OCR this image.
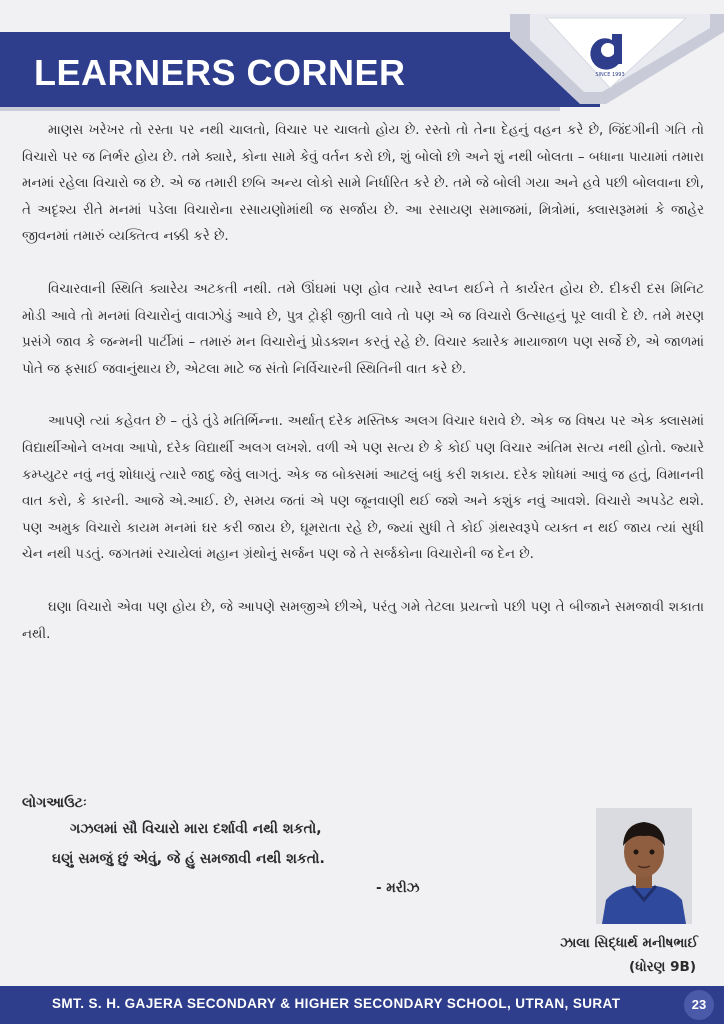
LEARNERS CORNER	SINCE 1993

માણસ ખરેખર તો રસ્તા પર નથી ચાલતો, વિચાર પર ચાલતો હોય છે. રસ્તો તો તેના દેહનું વહન કરે છે, જિંદગીની ગતિ તો વિચારો પર જ નિર્ભર હોય છે. તમે ક્યારે, કોના સામે કેવું વર્તન કરો છો, શું બોલો છો અને શું નથી બોલતા – બધાના પાયામાં તમારા મનમાં રહેલા વિચારો જ છે. એ જ તમારી છબિ અન્ય લોકો સામે નિર્ધારિત કરે છે. તમે જે બોલી ગયા અને હવે પછી બોલવાના છો, તે અદૃશ્ય રીતે મનમાં પડેલા વિચારોના રસાયણોમાંથી જ સર્જાય છે. આ રસાયણ સમાજમાં, મિત્રોમાં, ક્લાસરૂમમાં કે જાહેર જીવનમાં તમારું વ્યક્તિત્વ નક્કી કરે છે.

વિચારવાની સ્થિતિ ક્યારેય અટકતી નથી. તમે ઊંઘમાં પણ હોવ ત્યારે સ્વપ્ન થઈને તે કાર્યરત હોય છે. દીકરી દસ મિનિટ મોડી આવે તો મનમાં વિચારોનું વાવાઝોડું આવે છે, પુત્ર ટ્રોફી જીતી લાવે તો પણ એ જ વિચારો ઉત્સાહનું પૂર લાવી દે છે. તમે મરણ પ્રસંગે જાવ કે જન્મની પાર્ટીમાં – તમારું મન વિચારોનું પ્રોડક્શન કરતું રહે છે. વિચાર ક્યારેક માયાજાળ પણ સર્જે છે, એ જાળમાં પોતે જ ફસાઈ જવાનુંથાય છે, એટલા માટે જ સંતો નિર્વિચારની સ્થિતિની વાત કરે છે.

આપણે ત્યાં કહેવત છે – તુંડે તુંડે મતિર્ભિન્ના. અર્થાત્ દરેક મસ્તિષ્ક અલગ વિચાર ધરાવે છે. એક જ વિષય પર એક ક્લાસમાં વિદ્યાર્થીઓને લખવા આપો, દરેક વિદ્યાર્થી અલગ લખશે. વળી એ પણ સત્ય છે કે કોઈ પણ વિચાર અંતિમ સત્ય નથી હોતો. જ્યારે કમ્પ્યુટર નવું નવું શોધાયું ત્યારે જાદુ જેવું લાગતું. એક જ બોક્સમાં આટલું બધું કરી શકાય. દરેક શોધમાં આવું જ હતું, વિમાનની વાત કરો, કે કારની. આજે એ.આઈ. છે, સમય જતાં એ પણ જૂનવાણી થઈ જશે અને કશુંક નવું આવશે. વિચારો અપડેટ થશે. પણ અમુક વિચારો કાયમ મનમાં ઘર કરી જાય છે, ઘૂમરાતા રહે છે, જ્યાં સુધી તે કોઈ ગ્રંથસ્વરૂપે વ્યક્ત ન થઈ જાય ત્યાં સુધી ચેન નથી પડતું. જગતમાં રચાયેલાં મહાન ગ્રંથોનું સર્જન પણ જે તે સર્જકોના વિચારોની જ દેન છે.

ઘણા વિચારો એવા પણ હોય છે, જે આપણે સમજીએ છીએ, પરંતુ ગમે તેટલા પ્રયત્નો પછી પણ તે બીજાને સમજાવી શકાતા નથી.

લોગઆઉટઃ
ગઝલમાં સૌ વિચારો મારા દર્શાવી નથી શકતો,
ઘણું સમજું છું એવું, જે હું સમજાવી નથી શકતો.
- મરીઝ
ઝાલા સિદ્ધાર્થ મનીષભાઈ
(ધોરણ 9B)
SMT. S. H. GAJERA SECONDARY & HIGHER SECONDARY SCHOOL, UTRAN, SURAT	23
